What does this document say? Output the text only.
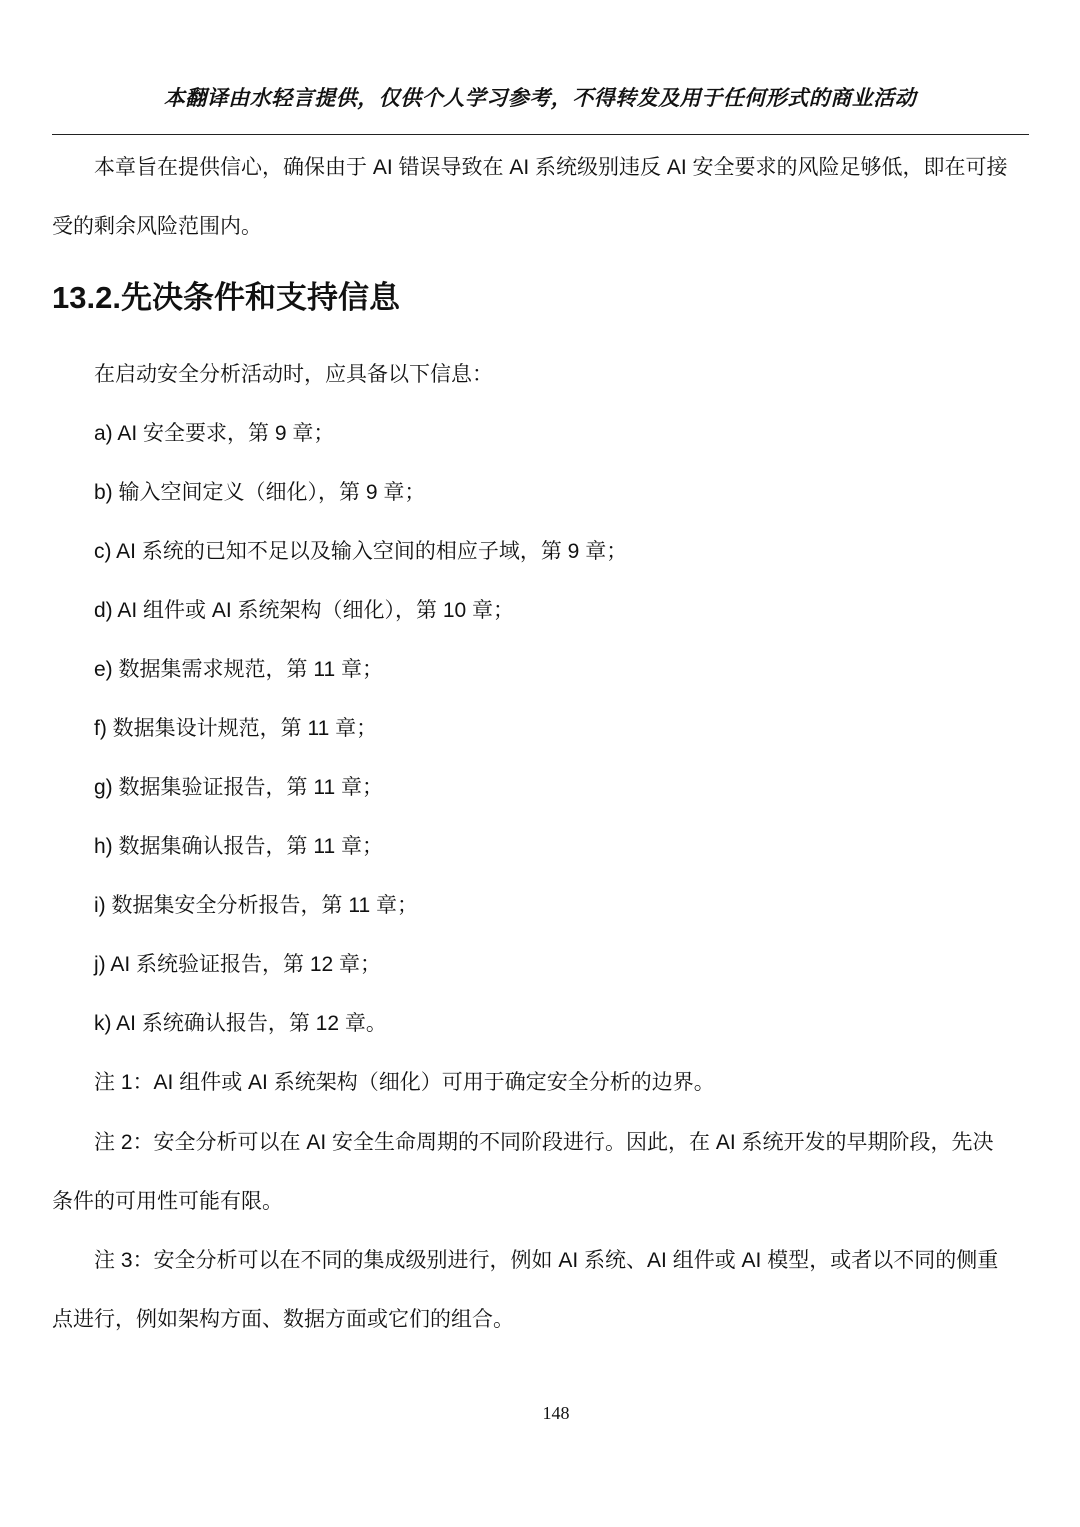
本翻译由水轻言提供，仅供个人学习参考，不得转发及用于任何形式的商业活动

本章旨在提供信心，确保由于 AI 错误导致在 AI 系统级别违反 AI 安全要求的风险足够低，即在可接受的剩余风险范围内。

13.2.先决条件和支持信息

在启动安全分析活动时，应具备以下信息：

a) AI 安全要求，第 9 章；

b) 输入空间定义（细化），第 9 章；

c) AI 系统的已知不足以及输入空间的相应子域，第 9 章；

d) AI 组件或 AI 系统架构（细化），第 10 章；

e) 数据集需求规范，第 11 章；

f) 数据集设计规范，第 11 章；

g) 数据集验证报告，第 11 章；

h) 数据集确认报告，第 11 章；

i) 数据集安全分析报告，第 11 章；

j) AI 系统验证报告，第 12 章；

k) AI 系统确认报告，第 12 章。

注 1：AI 组件或 AI 系统架构（细化）可用于确定安全分析的边界。

注 2：安全分析可以在 AI 安全生命周期的不同阶段进行。因此，在 AI 系统开发的早期阶段，先决条件的可用性可能有限。

注 3：安全分析可以在不同的集成级别进行，例如 AI 系统、AI 组件或 AI 模型，或者以不同的侧重点进行，例如架构方面、数据方面或它们的组合。

148
